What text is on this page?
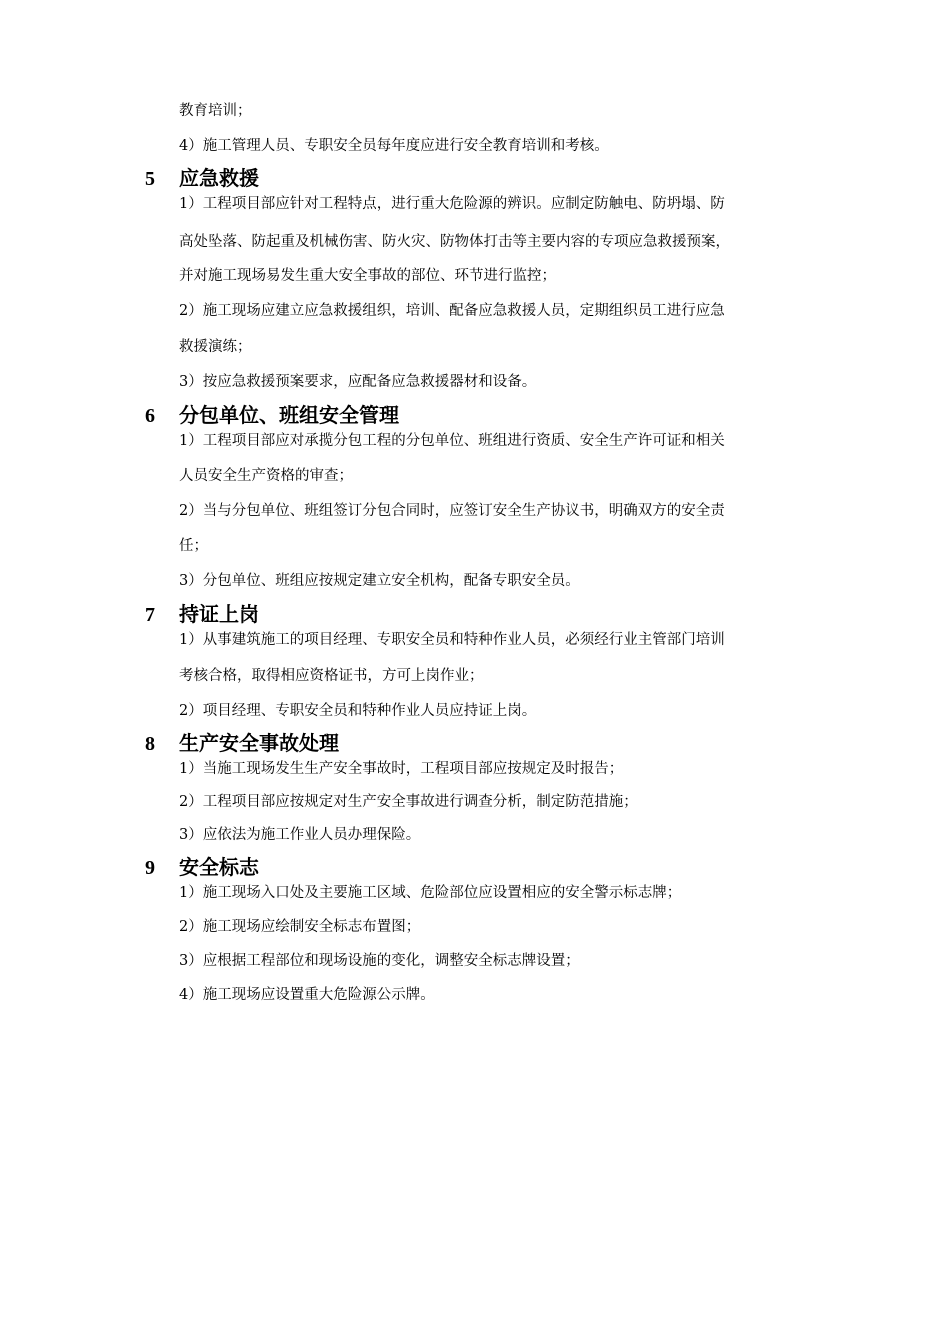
教育培训；
4）施工管理人员、专职安全员每年度应进行安全教育培训和考核。
5 应急救援
1）工程项目部应针对工程特点，进行重大危险源的辨识。应制定防触电、防坍塌、防
高处坠落、防起重及机械伤害、防火灾、防物体打击等主要内容的专项应急救援预案，
并对施工现场易发生重大安全事故的部位、环节进行监控；
2）施工现场应建立应急救援组织，培训、配备应急救援人员，定期组织员工进行应急
救援演练；
3）按应急救援预案要求，应配备应急救援器材和设备。
6 分包单位、班组安全管理
1）工程项目部应对承揽分包工程的分包单位、班组进行资质、安全生产许可证和相关
人员安全生产资格的审查；
2）当与分包单位、班组签订分包合同时，应签订安全生产协议书，明确双方的安全责
任；
3）分包单位、班组应按规定建立安全机构，配备专职安全员。
7 持证上岗
1）从事建筑施工的项目经理、专职安全员和特种作业人员，必须经行业主管部门培训
考核合格，取得相应资格证书，方可上岗作业；
2）项目经理、专职安全员和特种作业人员应持证上岗。
8 生产安全事故处理
1）当施工现场发生生产安全事故时，工程项目部应按规定及时报告；
2）工程项目部应按规定对生产安全事故进行调查分析，制定防范措施；
3）应依法为施工作业人员办理保险。
9 安全标志
1）施工现场入口处及主要施工区域、危险部位应设置相应的安全警示标志牌；
2）施工现场应绘制安全标志布置图；
3）应根据工程部位和现场设施的变化，调整安全标志牌设置；
4）施工现场应设置重大危险源公示牌。
